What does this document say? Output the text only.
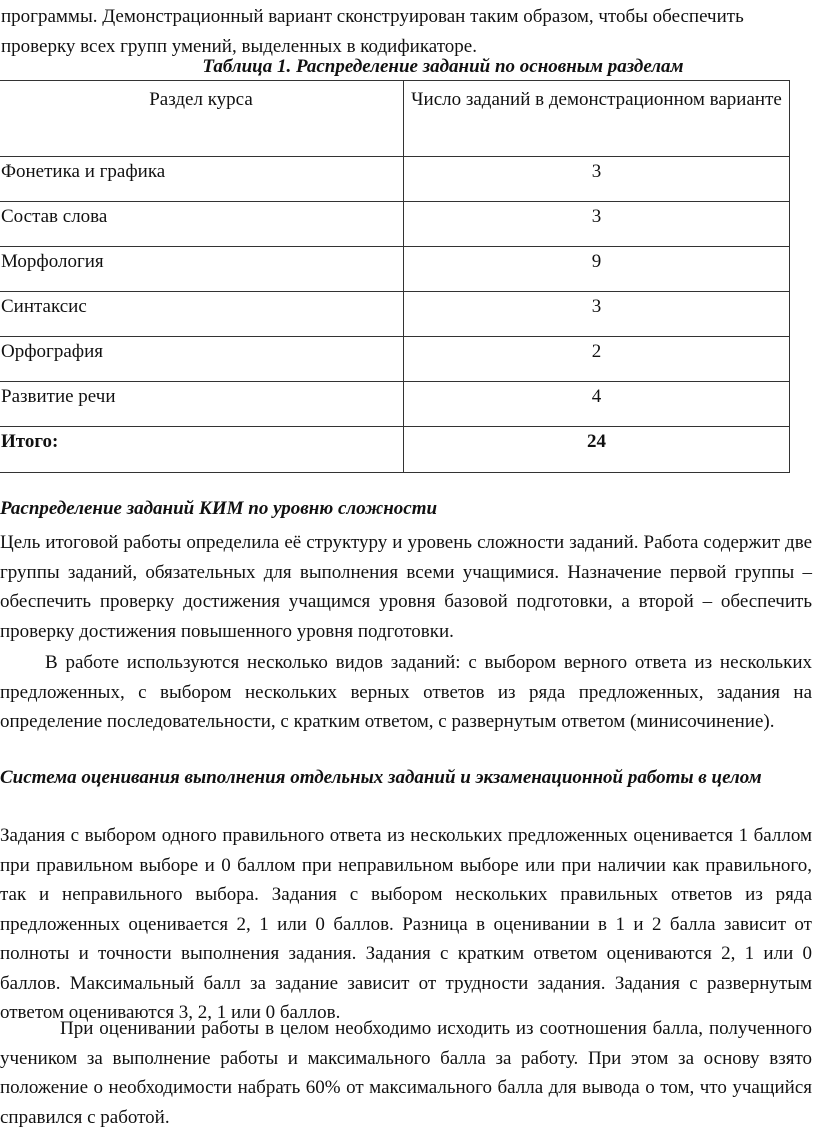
программы. Демонстрационный вариант сконструирован таким образом, чтобы обеспечить проверку всех групп умений, выделенных в кодификаторе.
Таблица 1. Распределение заданий по основным разделам
Раздел курса	Число заданий в демонстрационном варианте
Фонетика и графика	3
Состав слова	3
Морфология	9
Синтаксис	3
Орфография	2
Развитие речи	4
Итого:	24
Распределение заданий КИМ по уровню сложности
Цель итоговой работы определила её структуру и уровень сложности заданий. Работа содержит две группы заданий, обязательных для выполнения всеми учащимися. Назначение первой группы – обеспечить проверку достижения учащимся уровня базовой подготовки, а второй – обеспечить проверку достижения повышенного уровня подготовки.
В работе используются несколько видов заданий: с выбором верного ответа из нескольких предложенных, с выбором нескольких верных ответов из ряда предложенных, задания на определение последовательности, с кратким ответом, с развернутым ответом (минисочинение).
Система оценивания выполнения отдельных заданий и экзаменационной работы в целом
Задания с выбором одного правильного ответа из нескольких предложенных оценивается 1 баллом при правильном выборе и 0 баллом при неправильном выборе или при наличии как правильного, так и неправильного выбора. Задания с выбором нескольких правильных ответов из ряда предложенных оценивается 2, 1 или 0 баллов. Разница в оценивании в 1 и 2 балла зависит от полноты и точности выполнения задания. Задания с кратким ответом оцениваются 2, 1 или 0 баллов. Максимальный балл за задание зависит от трудности задания. Задания с развернутым ответом оцениваются 3, 2, 1 или 0 баллов.
При оценивании работы в целом необходимо исходить из соотношения балла, полученного учеником за выполнение работы и максимального балла за работу. При этом за основу взято положение о необходимости набрать 60% от максимального балла для вывода о том, что учащийся справился с работой.
